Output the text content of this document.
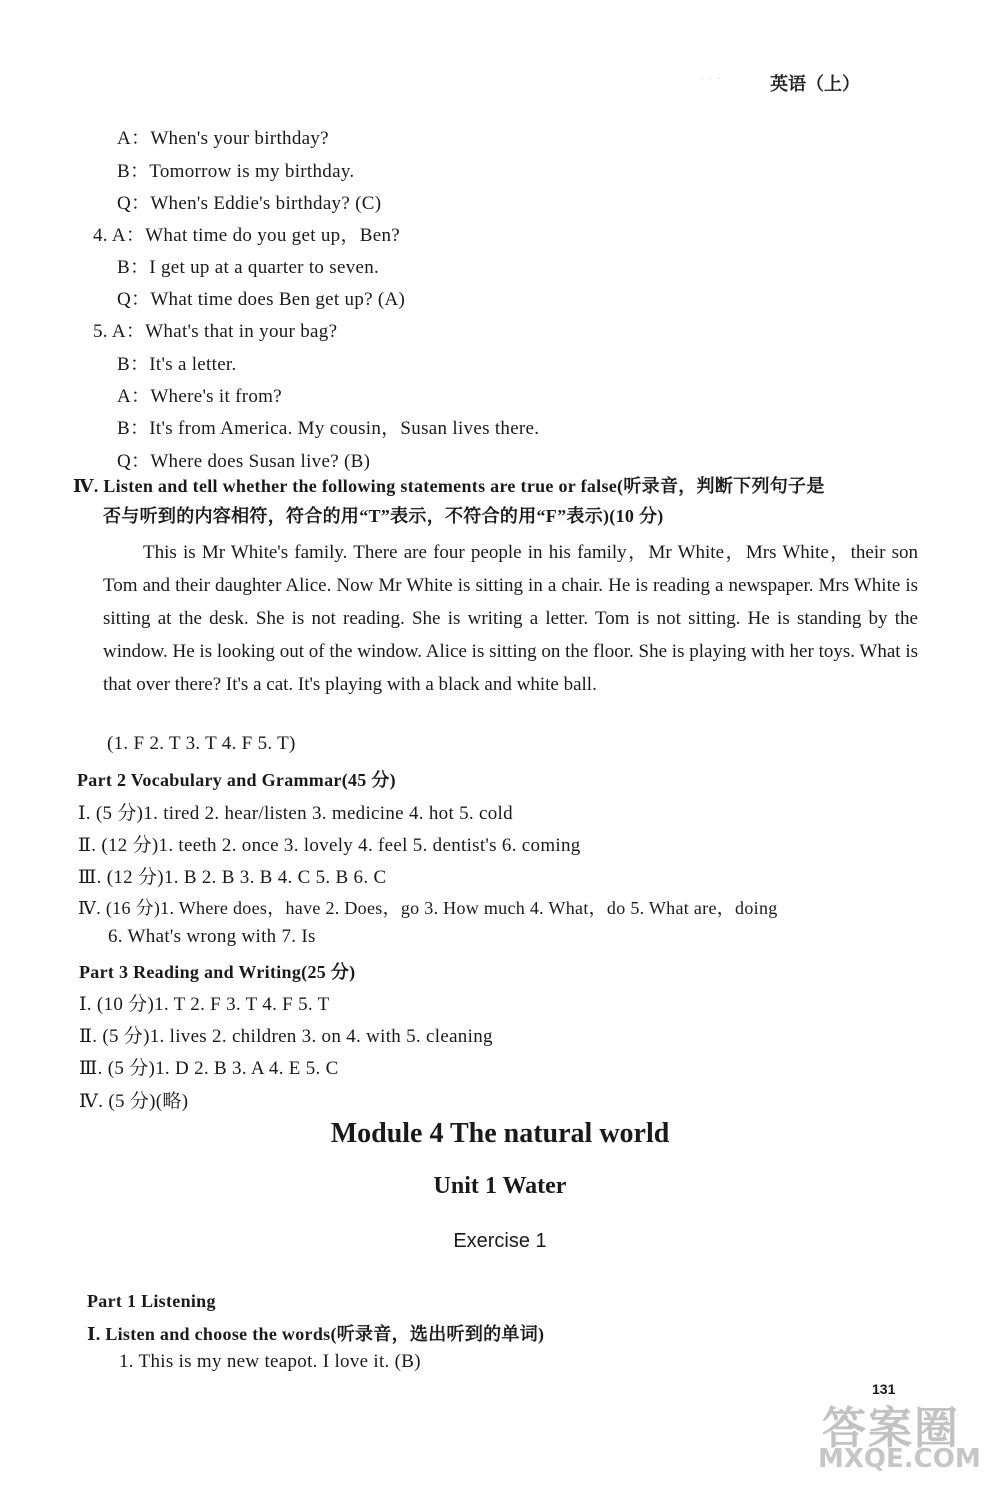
· · ·	英语（上）
A：When's your birthday?
B：Tomorrow is my birthday.
Q：When's Eddie's birthday? (C)
4. A：What time do you get up，Ben?
B：I get up at a quarter to seven.
Q：What time does Ben get up? (A)
5. A：What's that in your bag?
B：It's a letter.
A：Where's it from?
B：It's from America. My cousin，Susan lives there.
Q：Where does Susan live? (B)
Ⅳ. Listen and tell whether the following statements are true or false(听录音，判断下列句子是
否与听到的内容相符，符合的用“T”表示，不符合的用“F”表示)(10 分)
This is Mr White's family. There are four people in his family，Mr White，Mrs White，their son Tom and their daughter Alice. Now Mr White is sitting in a chair. He is reading a newspaper. Mrs White is sitting at the desk. She is not reading. She is writing a letter. Tom is not sitting. He is standing by the window. He is looking out of the window. Alice is sitting on the floor. She is playing with her toys. What is that over there? It's a cat. It's playing with a black and white ball.
(1. F 2. T 3. T 4. F 5. T)
Part 2 Vocabulary and Grammar(45 分)
Ⅰ. (5 分)1. tired 2. hear/listen 3. medicine 4. hot 5. cold
Ⅱ. (12 分)1. teeth 2. once 3. lovely 4. feel 5. dentist's 6. coming
Ⅲ. (12 分)1. B 2. B 3. B 4. C 5. B 6. C
Ⅳ. (16 分)1. Where does，have 2. Does，go 3. How much 4. What，do 5. What are，doing
6. What's wrong with 7. Is
Part 3 Reading and Writing(25 分)
Ⅰ. (10 分)1. T 2. F 3. T 4. F 5. T
Ⅱ. (5 分)1. lives 2. children 3. on 4. with 5. cleaning
Ⅲ. (5 分)1. D 2. B 3. A 4. E 5. C
Ⅳ. (5 分)(略)
Module 4 The natural world
Unit 1 Water
Exercise 1
Part 1 Listening
Ⅰ. Listen and choose the words(听录音，选出听到的单词)
1. This is my new teapot. I love it. (B)
131
答案圈
MXQE.COM
